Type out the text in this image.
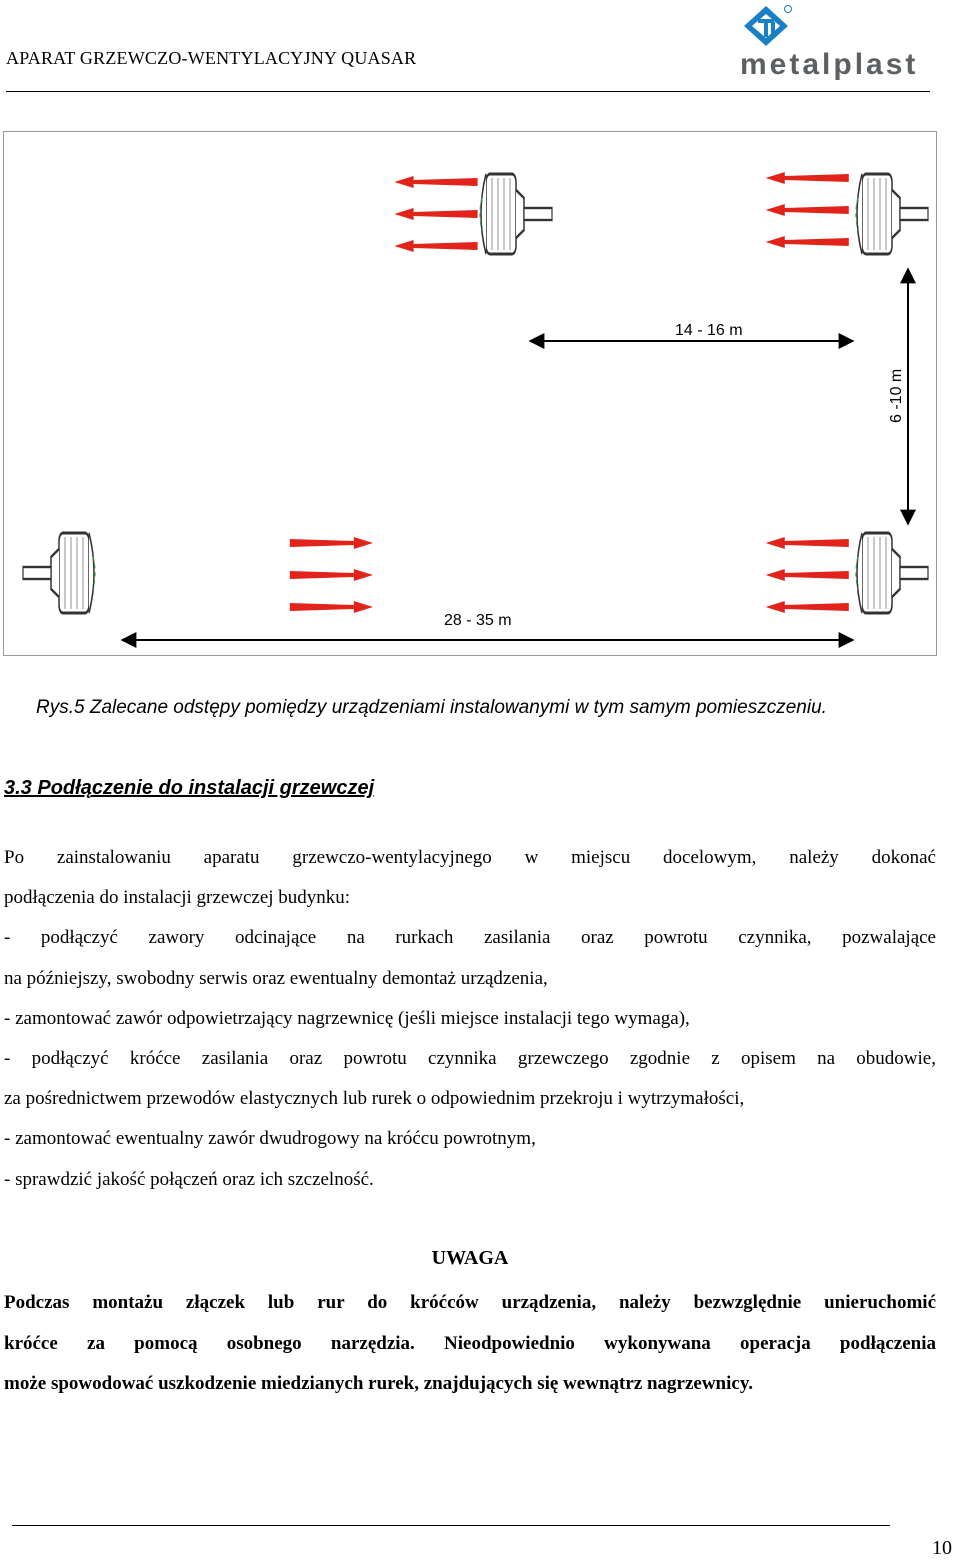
APARAT GRZEWCZO-WENTYLACYJNY QUASAR	metalplast
14 - 16 m
6 -10 m
28 - 35 m
Rys.5 Zalecane odstępy pomiędzy urządzeniami instalowanymi w tym samym pomieszczeniu.
3.3 Podłączenie do instalacji grzewczej
Po zainstalowaniu aparatu grzewczo-wentylacyjnego w miejscu docelowym, należy dokonać
podłączenia do instalacji grzewczej budynku:
- podłączyć zawory odcinające na rurkach zasilania oraz powrotu czynnika, pozwalające
na późniejszy, swobodny serwis oraz ewentualny demontaż urządzenia,
- zamontować zawór odpowietrzający nagrzewnicę (jeśli miejsce instalacji tego wymaga),
- podłączyć króćce zasilania oraz powrotu czynnika grzewczego zgodnie z opisem na obudowie,
za pośrednictwem przewodów elastycznych lub rurek o odpowiednim przekroju i wytrzymałości,
- zamontować ewentualny zawór dwudrogowy na króćcu powrotnym,
- sprawdzić jakość połączeń oraz ich szczelność.
UWAGA
Podczas montażu złączek lub rur do króćców urządzenia, należy bezwzględnie unieruchomić
króćce za pomocą osobnego narzędzia. Nieodpowiednio wykonywana operacja podłączenia
może spowodować uszkodzenie miedzianych rurek, znajdujących się wewnątrz nagrzewnicy.
10
